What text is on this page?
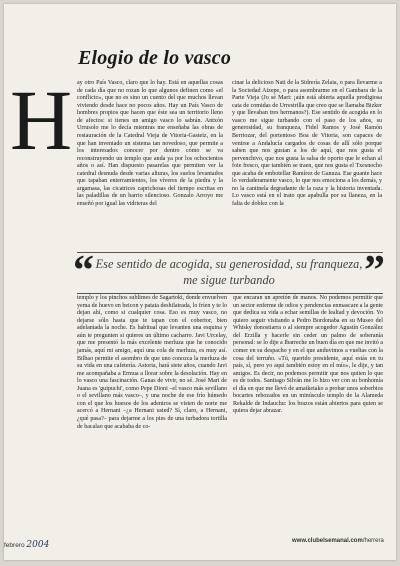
Elogio de lo vasco
H ay otro País Vasco, claro que lo hay. Está en aquellas cosas de cada día que no rozan lo que algunos definen como «el conflicto», que no es sino un cuento del que muchos llevan viviendo desde hace no pocos años. Hay un País Vasco de hombres propios que hacen que éste sea un territorio lleno de afectos: si tienes un amigo vasco lo sabrán. Antxón Urrusolo me lo decía mientras me enseñaba las obras de restauración de la Catedral Vieja de Vitoria-Gasteiz, en la que han inventado un sistema tan novedoso, que permite a los interesados conocer por dentro cómo se va reconstruyendo un templo que anda ya por los ochocientos años o así. Han dispuesto pasarelas que permiten ver la catedral desnuda desde varias alturas, los suelos levantados que tapaban enterramientos, los víveres de la piedra y la argamasa, las cicatrices caprichosas del tiempo escritas en las paladillas de un barrio silencioso. Gonzalo Arroyo me enseñó por igual las vidrieras del

cinar la delicioso Nati de la Sidrería Zelaia, o para llevarme a la Sociedad Aizepe, o para asombrarme en el Gambara de la Parte Vieja (Jo sé Mari: ¡aún está abierta aquella prodigiosa cata de comidas de Urrestrilla que creo que se llamaba Bizker y que llevaban tres hermanos?). Ese sentido de acogida en lo vasco me sigue turbando con el paso de los años, su generosidad, su franqueza, Fidel Ramos y José Ramón Berriozar, del portentoso Boa de Vitoria, son capaces de venirse a Andalucía cargados de cosas de allí sólo porque saben que nos gustan a los de aquí, que nos gusta el pervenchivo, que nos gusta la salsa de oporto que le echan al foie fresco, que también se traen, que nos gusta el Txesnocho que acaba de embotellar Ramírez de Ganuza. Ese guante hace lo verdaderamente vasco, lo que nos emociona a los demás, y no la cantinela degradante de la raza y la historia inventada. Lo vasco está en el trato que apabulla por su llaneza, en la falta de doblez con la

“ Ese sentido de acogida, su generosidad, su franqueza, me sigue turbando	”

templo y los pinchos sublimes de Sagartoki, donde envuelven yema de huevo en beicon y patata deshilatrada, lo fríen y te lo dejan ahí, como si cualquier cosa. Eso es muy vasco, no dejarse sólo hasta que te tapan con el cobertor, bien adelantada la noche. Es habitual que levanten una esquina y aún te pregunten si quieres un último cacharro. Javi Urcelay, que me presentó la más excelente merluza que he conocido jamás, aquí mi amigo, aquí una cola de merluza, es muy así. Bilbao permite el asombro de que uno conozca la merluza de su vida en una cafetería. Astoria, hará siete años, cuando Javi me acompañaba a Ermua a llorar sobre la desolación. Hay en lo vasco una fascinación. Ganas de vivir, no sé. José Mari de Juana es 'guipuchi', como Pepe Dioni –el vasco más sevillano o el sevillano más vasco–, y una noche de ese frío húmedo con el que los huesos de los adentros se visten de norte me acercó a Hernani –¿a Hernani usted? Sí, claro, a Hernani, ¿qué pasa?– para dejarme a los pies de una turbadora tortilla de bacalao que acababa de co-

que encaran un apretón de manos. No podemos permitir que un sector enferme de odios y pendencias enmascare a la gente que dedica su vida a echar semillas de lealtad y devoción. Yo quiero seguir visitando a Pedro Bordonaba en su Museo del Whisky donostiarra o al siempre acogedor Agustín González del Erzilla y hacerle sin ceder un palmo de soberanía personal: se lo dije a Ibarreche un buen día en que me invitó a comer en su despacho y en el que anduvimos a vueltas con la cosa del terruño. «Tú, querido presidente, aquí estás en tu país, sí, pero yo aquí también estoy en el mío», le dije, y tan amigos. Es decir, no podemos permitir que nos quiten lo que es de todos. Santiago Silván me lo hizo ver con su bonhomía el día en que me llevó de amaiketako a probar unos soberbios bocartes rebozados en un minúsculo templo de la Alameda Rekalde de Indauchu: los brazos están abiertos para quien se quiera dejar abrazar.

febrero 2004	www.clubelsemanal.com/herrera
